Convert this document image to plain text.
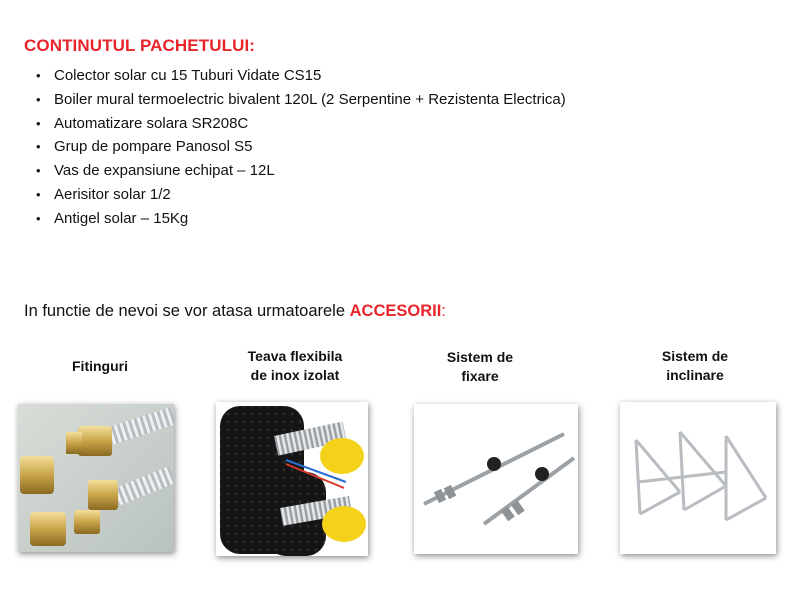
CONTINUTUL PACHETULUI:
• Colector solar cu 15 Tuburi Vidate CS15
• Boiler mural termoelectric bivalent 120L (2 Serpentine + Rezistenta Electrica)
• Automatizare solara SR208C
• Grup de pompare Panosol S5
• Vas de expansiune echipat – 12L
• Aerisitor solar 1/2
• Antigel solar – 15Kg
In functie de nevoi se vor atasa urmatoarele ACCESORII:
Fitinguri
Teava flexibila
de inox izolat
Sistem de
fixare
Sistem de
inclinare
